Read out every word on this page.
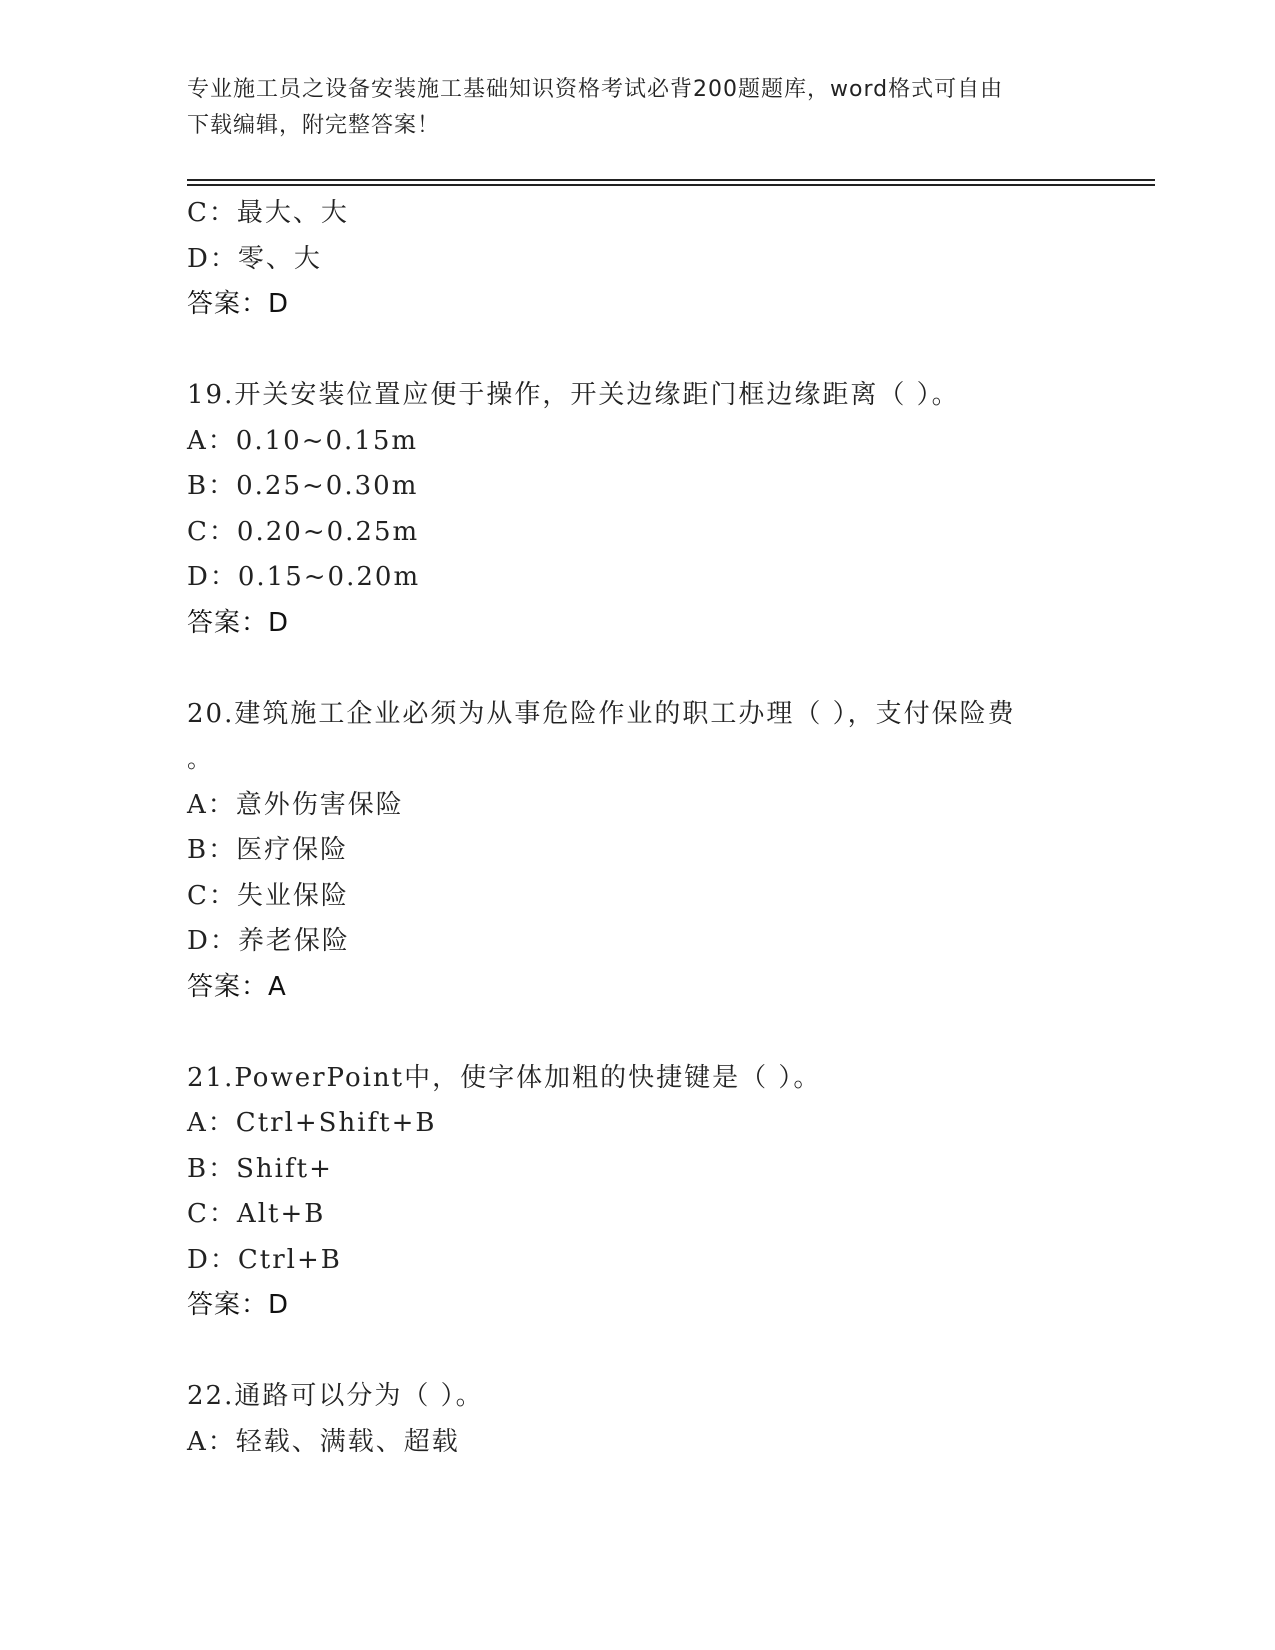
专业施工员之设备安装施工基础知识资格考试必背200题题库，word格式可自由
下载编辑，附完整答案！
C：最大、大
D：零、大
答案：D
19.开关安装位置应便于操作，开关边缘距门框边缘距离（ ）。
A：0.10~0.15m
B：0.25~0.30m
C：0.20~0.25m
D：0.15~0.20m
答案：D
20.建筑施工企业必须为从事危险作业的职工办理（ ），支付保险费
。
A：意外伤害保险
B：医疗保险
C：失业保险
D：养老保险
答案：A
21.PowerPoint中，使字体加粗的快捷键是（ ）。
A：Ctrl+Shift+B
B：Shift+
C：Alt+B
D：Ctrl+B
答案：D
22.通路可以分为（ ）。
A：轻载、满载、超载
